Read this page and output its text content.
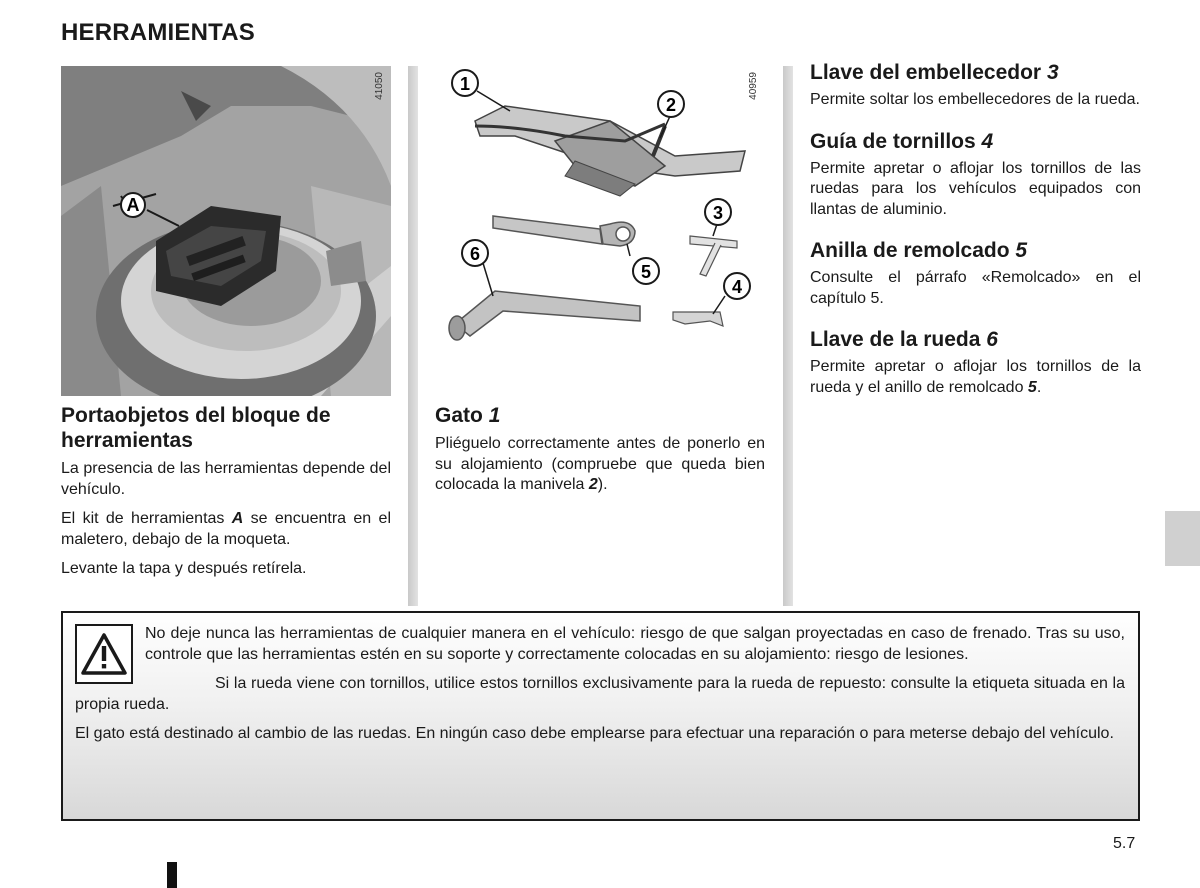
HERRAMIENTAS
A
41050
Portaobjetos del bloque de herramientas

La presencia de las herramientas depende del vehículo.

El kit de herramientas A se encuentra en el maletero, debajo de la moqueta.

Levante la tapa y después retírela.

1
2
3
4
5
6
40959
Gato 1

Pliéguelo correctamente antes de ponerlo en su alojamiento (compruebe que queda bien colocada la manivela 2).

Llave del embellecedor 3

Permite soltar los embellecedores de la rueda.

Guía de tornillos 4

Permite apretar o aflojar los tornillos de las ruedas para los vehículos equipados con llantas de aluminio.

Anilla de remolcado 5

Consulte el párrafo «Remolcado» en el capítulo 5.

Llave de la rueda 6

Permite apretar o aflojar los tornillos de la rueda y el anillo de remolcado 5.

No deje nunca las herramientas de cualquier manera en el vehículo: riesgo de que salgan proyectadas en caso de frenado. Tras su uso, controle que las herramientas estén en su soporte y correctamente colocadas en su alojamiento: riesgo de lesiones.

Si la rueda viene con tornillos, utilice estos tornillos exclusivamente para la rueda de repuesto: consulte la etiqueta situada en la propia rueda.

El gato está destinado al cambio de las ruedas. En ningún caso debe emplearse para efectuar una reparación o para meterse debajo del vehículo.

5.7
